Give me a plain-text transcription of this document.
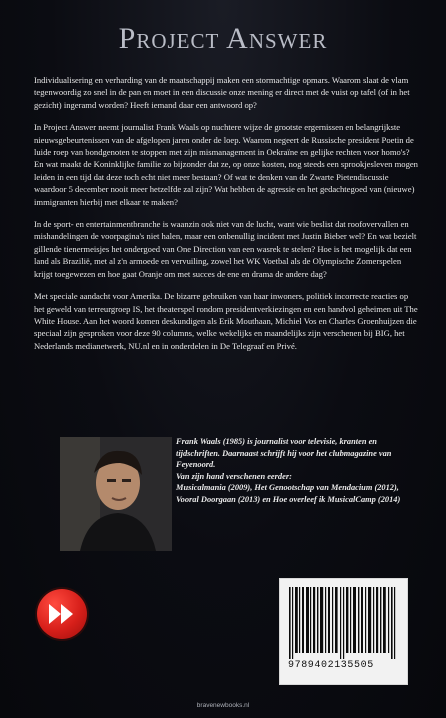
Project Answer

Individualisering en verharding van de maatschappij maken een stormachtige opmars. Waarom slaat de vlam tegenwoordig zo snel in de pan en moet in een discussie onze mening er direct met de vuist op tafel (of in het gezicht) ingeramd worden? Heeft iemand daar een antwoord op?

In Project Answer neemt journalist Frank Waals op nuchtere wijze de grootste ergernissen en belangrijkste nieuwsgebeurtenissen van de afgelopen jaren onder de loep. Waarom negeert de Russische president Poetin de luide roep van bondgenoten te stoppen met zijn mismanagement in Oekraïne en gelijke rechten voor homo's? En wat maakt de Koninklijke familie zo bijzonder dat ze, op onze kosten, nog steeds een sprookjesleven mogen leiden in een tijd dat deze toch echt niet meer bestaan? Of wat te denken van de Zwarte Pietendiscussie waardoor 5 december nooit meer hetzelfde zal zijn? Wat hebben de agressie en het gedachtegoed van (nieuwe) immigranten hierbij met elkaar te maken?

In de sport- en entertainmentbranche is waanzin ook niet van de lucht, want wie beslist dat roofovervallen en mishandelingen de voorpagina's niet halen, maar een onbenullig incident met Justin Bieber wel? En wat bezielt gillende tienermeisjes het ondergoed van One Direction van een wasrek te stelen? Hoe is het mogelijk dat een land als Brazilië, met al z'n armoede en vervuiling, zowel het WK Voetbal als de Olympische Zomerspelen krijgt toegewezen en hoe gaat Oranje om met succes de ene en drama de andere dag?

Met speciale aandacht voor Amerika. De bizarre gebruiken van haar inwoners, politiek incorrecte reacties op het geweld van terreurgroep IS, het theaterspel rondom presidentverkiezingen en een handvol geheimen uit The White House. Aan het woord komen deskundigen als Erik Mouthaan, Michiel Vos en Charles Groenhuijzen die speciaal zijn gesproken voor deze 90 columns, welke wekelijks en maandelijks zijn verschenen bij BIG, het Nederlands medianetwerk, NU.nl en in onderdelen in De Telegraaf en Privé.

Frank Waals (1985) is journalist voor televisie, kranten en tijdschriften. Daarnaast schrijft hij voor het clubmagazine van Feyenoord.

Van zijn hand verschenen eerder:

Musicalmania (2009), Het Genootschap van Mendacium (2012), Vooral Doorgaan (2013) en Hoe overleef ik MusicalCamp (2014)

9789402135505
bravenewbooks.nl
